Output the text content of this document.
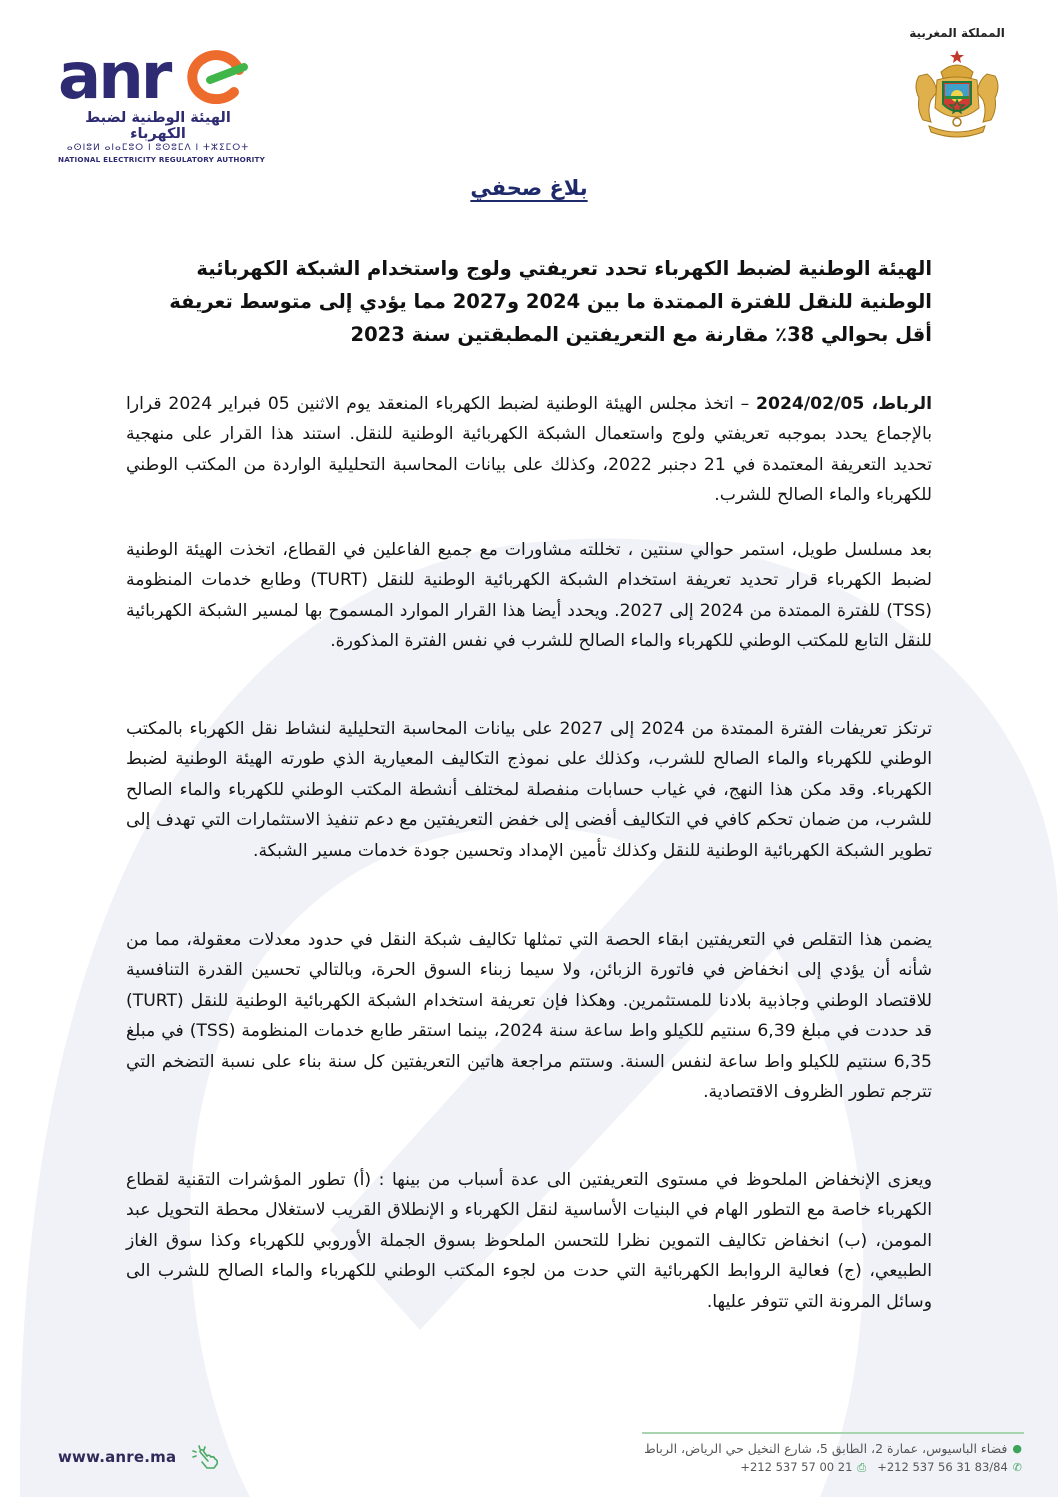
anr
الهيئة الوطنية لضبط الكهرباء
ⴰⵙⵏⵓⵍ ⴰⵏⴰⵎⵓⵔ ⵏ ⵓⵙⵓⵎⴷ ⵏ ⵜⵣⵉⵎⵔⵜ
NATIONAL ELECTRICITY REGULATORY AUTHORITY
المملكة المغربية
بلاغ صحفي
الهيئة الوطنية لضبط الكهرباء تحدد تعريفتي ولوج واستخدام الشبكة الكهربائية الوطنية للنقل للفترة الممتدة ما بين 2024 و2027 مما يؤدي إلى متوسط تعريفة أقل بحوالي 38٪ مقارنة مع التعريفتين المطبقتين سنة 2023

الرباط، 2024/02/05 – اتخذ مجلس الهيئة الوطنية لضبط الكهرباء المنعقد يوم الاثنين 05 فبراير 2024 قرارا بالإجماع يحدد بموجبه تعريفتي ولوج واستعمال الشبكة الكهربائية الوطنية للنقل. استند هذا القرار على منهجية تحديد التعريفة المعتمدة في 21 دجنبر 2022، وكذلك على بيانات المحاسبة التحليلية الواردة من المكتب الوطني للكهرباء والماء الصالح للشرب.

بعد مسلسل طويل، استمر حوالي سنتين ، تخللته مشاورات مع جميع الفاعلين في القطاع، اتخذت الهيئة الوطنية لضبط الكهرباء قرار تحديد تعريفة استخدام الشبكة الكهربائية الوطنية للنقل (TURT) وطابع خدمات المنظومة (TSS) للفترة الممتدة من 2024 إلى 2027. ويحدد أيضا هذا القرار الموارد المسموح بها لمسير الشبكة الكهربائية للنقل التابع للمكتب الوطني للكهرباء والماء الصالح للشرب في نفس الفترة المذكورة.
ترتكز تعريفات الفترة الممتدة من 2024 إلى 2027 على بيانات المحاسبة التحليلية لنشاط نقل الكهرباء بالمكتب الوطني للكهرباء والماء الصالح للشرب، وكذلك على نموذج التكاليف المعيارية الذي طورته الهيئة الوطنية لضبط الكهرباء. وقد مكن هذا النهج، في غياب حسابات منفصلة لمختلف أنشطة المكتب الوطني للكهرباء والماء الصالح للشرب، من ضمان تحكم كافي في التكاليف أفضى إلى خفض التعريفتين مع دعم تنفيذ الاستثمارات التي تهدف إلى تطوير الشبكة الكهربائية الوطنية للنقل وكذلك تأمين الإمداد وتحسين جودة خدمات مسير الشبكة.
يضمن هذا التقلص في التعريفتين ابقاء الحصة التي تمثلها تكاليف شبكة النقل في حدود معدلات معقولة، مما من شأنه أن يؤدي إلى انخفاض في فاتورة الزبائن، ولا سيما زبناء السوق الحرة، وبالتالي تحسين القدرة التنافسية للاقتصاد الوطني وجاذبية بلادنا للمستثمرين. وهكذا فإن تعريفة استخدام الشبكة الكهربائية الوطنية للنقل (TURT) قد حددت في مبلغ 6,39 سنتيم للكيلو واط ساعة سنة 2024، بينما استقر طابع خدمات المنظومة (TSS) في مبلغ 6,35 سنتيم للكيلو واط ساعة لنفس السنة. وستتم مراجعة هاتين التعريفتين كل سنة بناء على نسبة التضخم التي تترجم تطور الظروف الاقتصادية.
ويعزى الإنخفاض الملحوظ في مستوى التعريفتين الى عدة أسباب من بينها : (أ) تطور المؤشرات التقنية لقطاع الكهرباء خاصة مع التطور الهام في البنيات الأساسية لنقل الكهرباء و الإنطلاق القريب لاستغلال محطة التحويل عبد المومن، (ب) انخفاض تكاليف التموين نظرا للتحسن الملحوظ بسوق الجملة الأوروبي للكهرباء وكذا سوق الغاز الطبيعي، (ج) فعالية الروابط الكهربائية التي حدت من لجوء المكتب الوطني للكهرباء والماء الصالح للشرب الى وسائل المرونة التي تتوفر عليها.
www.anre.ma	●
فضاء الباسيوس، عمارة 2، الطابق 5، شارع النخيل حي الرياض، الرباط
✆
+212 537 56 31 83/84
⎙
+212 537 57 00 21
